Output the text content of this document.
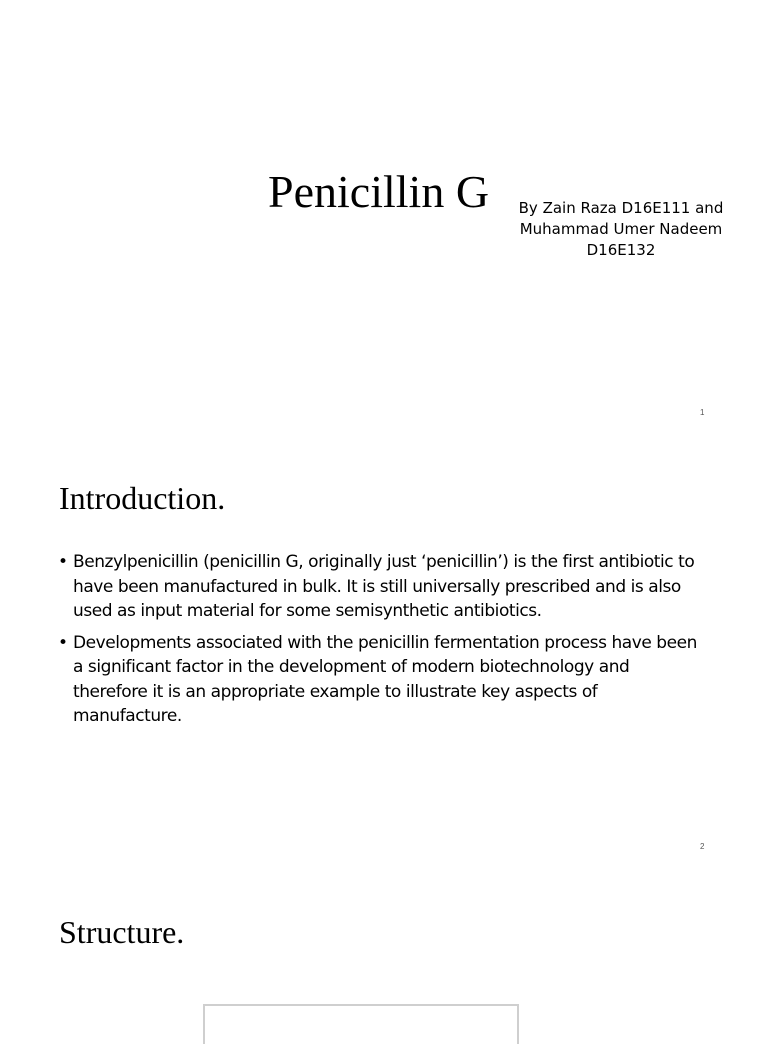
Penicillin G	By Zain Raza D16E111 and
Muhammad Umer Nadeem
D16E132
1
Introduction.
• Benzylpenicillin (penicillin G, originally just ‘penicillin’) is the first antibiotic to have been manufactured in bulk. It is still universally prescribed and is also used as input material for some semisynthetic antibiotics.
• Developments associated with the penicillin fermentation process have been a significant factor in the development of modern biotechnology and therefore it is an appropriate example to illustrate key aspects of manufacture.
2
Structure.
